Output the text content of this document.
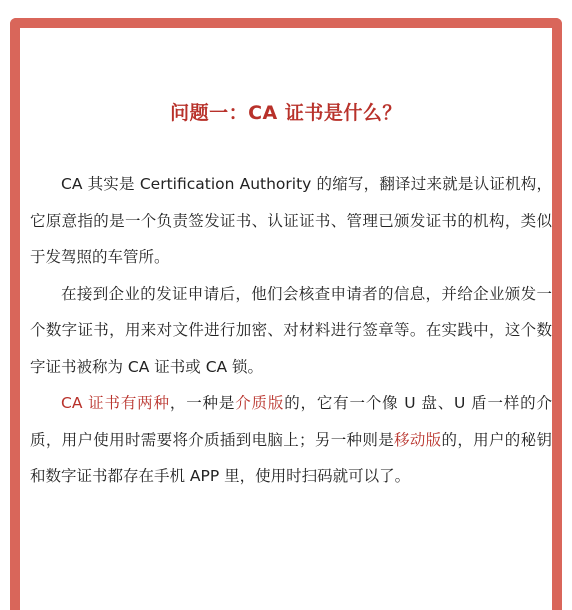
问题一：CA 证书是什么？

CA 其实是 Certification Authority 的缩写，翻译过来就是认证机构，它原意指的是一个负责签发证书、认证证书、管理已颁发证书的机构，类似于发驾照的车管所。

在接到企业的发证申请后，他们会核查申请者的信息，并给企业颁发一个数字证书，用来对文件进行加密、对材料进行签章等。在实践中，这个数字证书被称为 CA 证书或 CA 锁。

CA 证书有两种，一种是介质版的，它有一个像 U 盘、U 盾一样的介质，用户使用时需要将介质插到电脑上；另一种则是移动版的，用户的秘钥和数字证书都存在手机 APP 里，使用时扫码就可以了。
